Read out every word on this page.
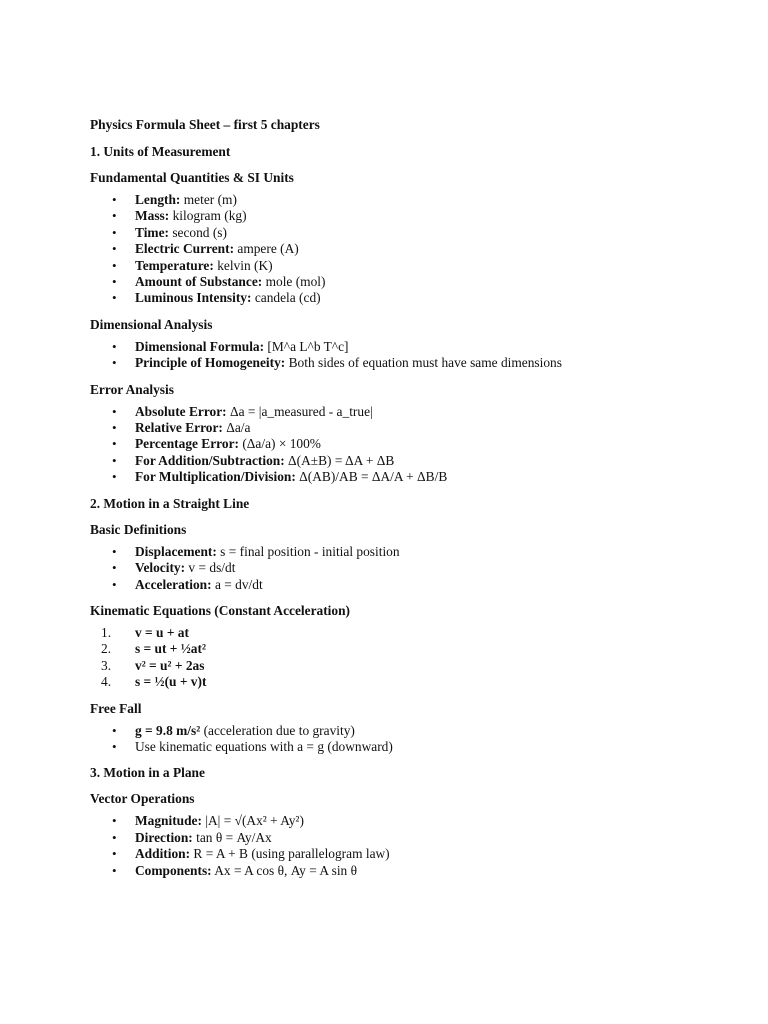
Physics Formula Sheet – first 5 chapters

1. Units of Measurement

Fundamental Quantities & SI Units

• Length: meter (m)
• Mass: kilogram (kg)
• Time: second (s)
• Electric Current: ampere (A)
• Temperature: kelvin (K)
• Amount of Substance: mole (mol)
• Luminous Intensity: candela (cd)

Dimensional Analysis

• Dimensional Formula: [M^a L^b T^c]
• Principle of Homogeneity: Both sides of equation must have same dimensions

Error Analysis

• Absolute Error: Δa = |a_measured - a_true|
• Relative Error: Δa/a
• Percentage Error: (Δa/a) × 100%
• For Addition/Subtraction: Δ(A±B) = ΔA + ΔB
• For Multiplication/Division: Δ(AB)/AB = ΔA/A + ΔB/B

2. Motion in a Straight Line

Basic Definitions

• Displacement: s = final position - initial position
• Velocity: v = ds/dt
• Acceleration: a = dv/dt

Kinematic Equations (Constant Acceleration)

1. v = u + at
2. s = ut + ½at²
3. v² = u² + 2as
4. s = ½(u + v)t

Free Fall

• g = 9.8 m/s² (acceleration due to gravity)
• Use kinematic equations with a = g (downward)

3. Motion in a Plane

Vector Operations

• Magnitude: |A| = √(Ax² + Ay²)
• Direction: tan θ = Ay/Ax
• Addition: R = A + B (using parallelogram law)
• Components: Ax = A cos θ, Ay = A sin θ
